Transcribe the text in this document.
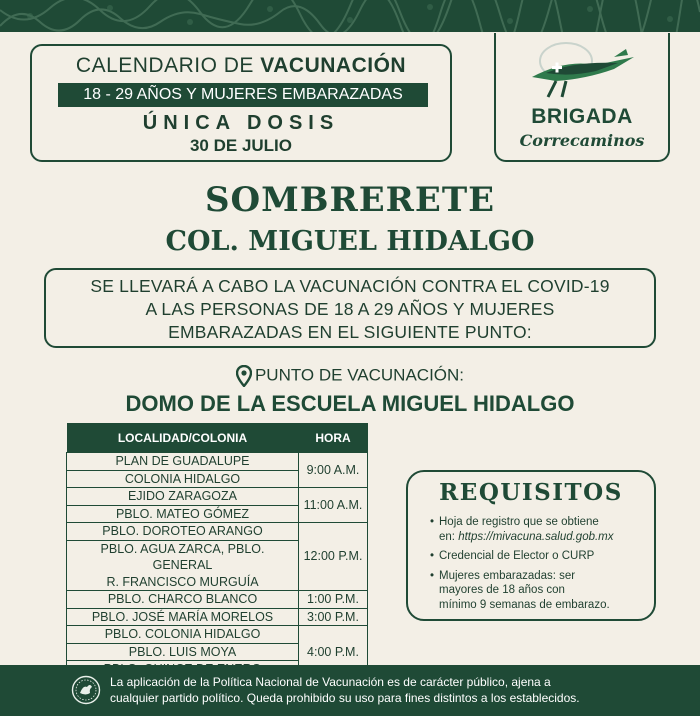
CALENDARIO DE VACUNACIÓN
18 - 29 AÑOS Y MUJERES EMBARAZADAS
ÚNICA DOSIS
30 DE JULIO
BRIGADA
Correcaminos
SOMBRERETE
COL. MIGUEL HIDALGO
SE LLEVARÁ A CABO LA VACUNACIÓN CONTRA EL COVID-19
A LAS PERSONAS DE 18 A 29 AÑOS Y MUJERES
EMBARAZADAS EN EL SIGUIENTE PUNTO:
PUNTO DE VACUNACIÓN:
DOMO DE LA ESCUELA MIGUEL HIDALGO
LOCALIDAD/COLONIA	HORA
PLAN DE GUADALUPE	9:00 A.M.
COLONIA HIDALGO	
EJIDO ZARAGOZA	11:00 A.M.
PBLO. MATEO GÓMEZ	
PBLO. DOROTEO ARANGO	12:00 P.M.
PBLO. AGUA ZARCA, PBLO. GENERAL	
R. FRANCISCO MURGUÍA	
PBLO. CHARCO BLANCO	1:00 P.M.
PBLO. JOSÉ MARÍA MORELOS	3:00 P.M.
PBLO. COLONIA HIDALGO	4:00 P.M.
PBLO. LUIS MOYA	

REQUISITOS
• Hoja de registro que se obtiene
en: https://mivacuna.salud.gob.mx
• Credencial de Elector o CURP
• Mujeres embarazadas: ser
mayores de 18 años con
mínimo 9 semanas de embarazo.
La aplicación de la Política Nacional de Vacunación es de carácter público, ajena a
cualquier partido político. Queda prohibido su uso para fines distintos a los establecidos.
